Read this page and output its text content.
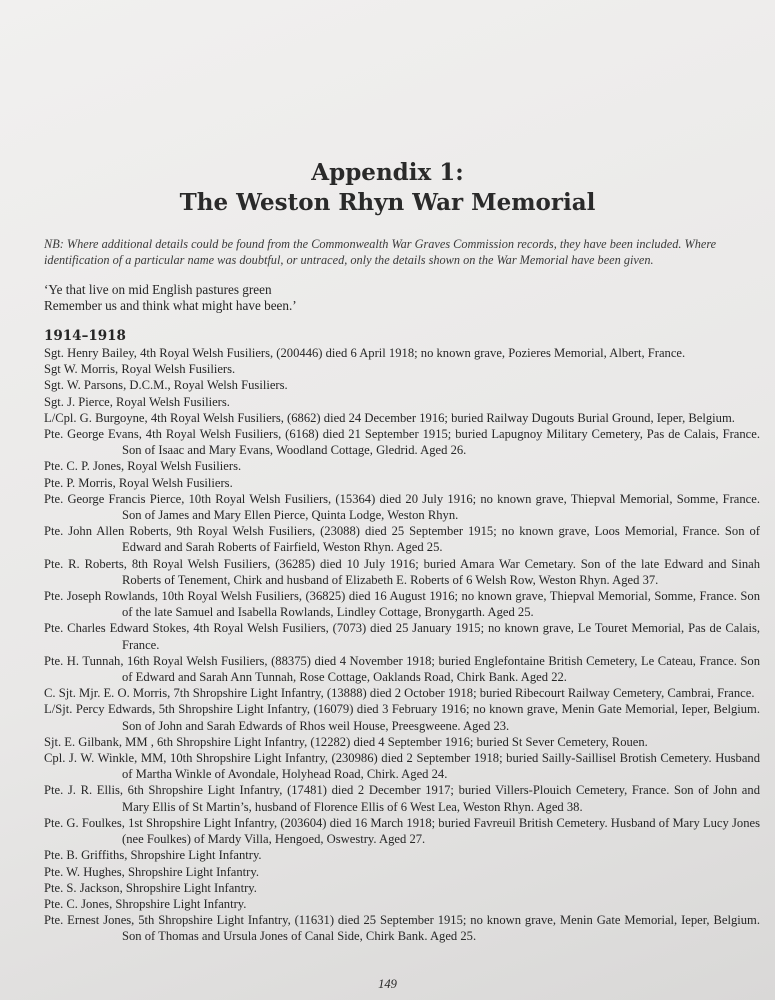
Appendix 1:
The Weston Rhyn War Memorial

NB: Where additional details could be found from the Commonwealth War Graves Commission records, they have been included. Where identification of a particular name was doubtful, or untraced, only the details shown on the War Memorial have been given.

‘Ye that live on mid English pastures green
Remember us and think what might have been.’

1914–1918

Sgt. Henry Bailey, 4th Royal Welsh Fusiliers, (200446) died 6 April 1918; no known grave, Pozieres Memorial, Albert, France.
Sgt W. Morris, Royal Welsh Fusiliers.
Sgt. W. Parsons, D.C.M., Royal Welsh Fusiliers.
Sgt. J. Pierce, Royal Welsh Fusiliers.
L/Cpl. G. Burgoyne, 4th Royal Welsh Fusiliers, (6862) died 24 December 1916; buried Railway Dugouts Burial Ground, Ieper, Belgium.
Pte. George Evans, 4th Royal Welsh Fusiliers, (6168) died 21 September 1915; buried Lapugnoy Military Cemetery, Pas de Calais, France. Son of Isaac and Mary Evans, Woodland Cottage, Gledrid. Aged 26.
Pte. C. P. Jones, Royal Welsh Fusiliers.
Pte. P. Morris, Royal Welsh Fusiliers.
Pte. George Francis Pierce, 10th Royal Welsh Fusiliers, (15364) died 20 July 1916; no known grave, Thiepval Memorial, Somme, France. Son of James and Mary Ellen Pierce, Quinta Lodge, Weston Rhyn.
Pte. John Allen Roberts, 9th Royal Welsh Fusiliers, (23088) died 25 September 1915; no known grave, Loos Memorial, France. Son of Edward and Sarah Roberts of Fairfield, Weston Rhyn. Aged 25.
Pte. R. Roberts, 8th Royal Welsh Fusiliers, (36285) died 10 July 1916; buried Amara War Cemetary. Son of the late Edward and Sinah Roberts of Tenement, Chirk and husband of Elizabeth E. Roberts of 6 Welsh Row, Weston Rhyn. Aged 37.
Pte. Joseph Rowlands, 10th Royal Welsh Fusiliers, (36825) died 16 August 1916; no known grave, Thiepval Memorial, Somme, France. Son of the late Samuel and Isabella Rowlands, Lindley Cottage, Bronygarth. Aged 25.
Pte. Charles Edward Stokes, 4th Royal Welsh Fusiliers, (7073) died 25 January 1915; no known grave, Le Touret Memorial, Pas de Calais, France.
Pte. H. Tunnah, 16th Royal Welsh Fusiliers, (88375) died 4 November 1918; buried Englefontaine British Cemetery, Le Cateau, France. Son of Edward and Sarah Ann Tunnah, Rose Cottage, Oaklands Road, Chirk Bank. Aged 22.
C. Sjt. Mjr. E. O. Morris, 7th Shropshire Light Infantry, (13888) died 2 October 1918; buried Ribecourt Railway Cemetery, Cambrai, France.
L/Sjt. Percy Edwards, 5th Shropshire Light Infantry, (16079) died 3 February 1916; no known grave, Menin Gate Memorial, Ieper, Belgium. Son of John and Sarah Edwards of Rhos weil House, Preesgweene. Aged 23.
Sjt. E. Gilbank, MM , 6th Shropshire Light Infantry, (12282) died 4 September 1916; buried St Sever Cemetery, Rouen.
Cpl. J. W. Winkle, MM, 10th Shropshire Light Infantry, (230986) died 2 September 1918; buried Sailly-Saillisel Brotish Cemetery. Husband of Martha Winkle of Avondale, Holyhead Road, Chirk. Aged 24.
Pte. J. R. Ellis, 6th Shropshire Light Infantry, (17481) died 2 December 1917; buried Villers-Plouich Cemetery, France. Son of John and Mary Ellis of St Martin’s, husband of Florence Ellis of 6 West Lea, Weston Rhyn. Aged 38.
Pte. G. Foulkes, 1st Shropshire Light Infantry, (203604) died 16 March 1918; buried Favreuil British Cemetery. Husband of Mary Lucy Jones (nee Foulkes) of Mardy Villa, Hengoed, Oswestry. Aged 27.
Pte. B. Griffiths, Shropshire Light Infantry.
Pte. W. Hughes, Shropshire Light Infantry.
Pte. S. Jackson, Shropshire Light Infantry.
Pte. C. Jones, Shropshire Light Infantry.
Pte. Ernest Jones, 5th Shropshire Light Infantry, (11631) died 25 September 1915; no known grave, Menin Gate Memorial, Ieper, Belgium. Son of Thomas and Ursula Jones of Canal Side, Chirk Bank. Aged 25.
149
